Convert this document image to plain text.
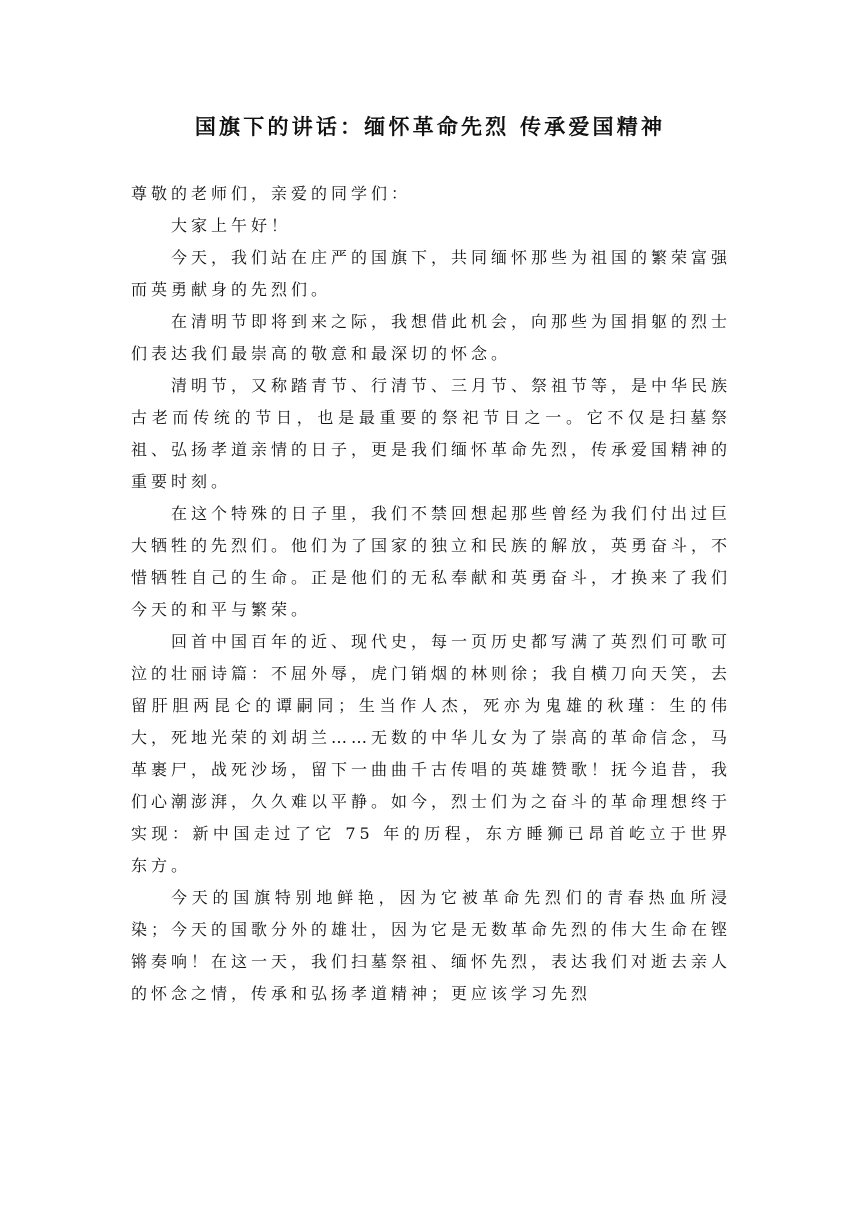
国旗下的讲话：缅怀革命先烈 传承爱国精神

尊敬的老师们，亲爱的同学们：

大家上午好！

今天，我们站在庄严的国旗下，共同缅怀那些为祖国的繁荣富强而英勇献身的先烈们。

在清明节即将到来之际，我想借此机会，向那些为国捐躯的烈士们表达我们最崇高的敬意和最深切的怀念。

清明节，又称踏青节、行清节、三月节、祭祖节等，是中华民族古老而传统的节日，也是最重要的祭祀节日之一。它不仅是扫墓祭祖、弘扬孝道亲情的日子，更是我们缅怀革命先烈，传承爱国精神的重要时刻。

在这个特殊的日子里，我们不禁回想起那些曾经为我们付出过巨大牺牲的先烈们。他们为了国家的独立和民族的解放，英勇奋斗，不惜牺牲自己的生命。正是他们的无私奉献和英勇奋斗，才换来了我们今天的和平与繁荣。

回首中国百年的近、现代史，每一页历史都写满了英烈们可歌可泣的壮丽诗篇：不屈外辱，虎门销烟的林则徐；我自横刀向天笑，去留肝胆两昆仑的谭嗣同；生当作人杰，死亦为鬼雄的秋瑾：生的伟大，死地光荣的刘胡兰……无数的中华儿女为了崇高的革命信念，马革裹尸，战死沙场，留下一曲曲千古传唱的英雄赞歌！抚今追昔，我们心潮澎湃，久久难以平静。如今，烈士们为之奋斗的革命理想终于实现：新中国走过了它 75 年的历程，东方睡狮已昂首屹立于世界东方。

今天的国旗特别地鲜艳，因为它被革命先烈们的青春热血所浸染；今天的国歌分外的雄壮，因为它是无数革命先烈的伟大生命在铿锵奏响！在这一天，我们扫墓祭祖、缅怀先烈，表达我们对逝去亲人的怀念之情，传承和弘扬孝道精神；更应该学习先烈
